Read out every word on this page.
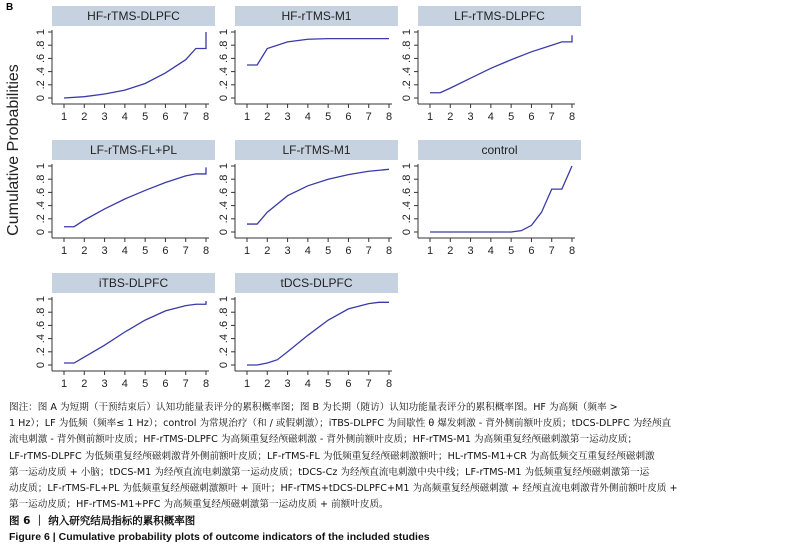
B
Cumulative Probabilities
HF-rTMS-DLPFC
0
.2
.4
.6
.8
1
1 2 3 4 5 6 7 8
HF-rTMS-M1
0
.2
.4
.6
.8
1
1 2 3 4 5 6 7 8
LF-rTMS-DLPFC
0
.2
.4
.6
.8
1
1 2 3 4 5 6 7 8
LF-rTMS-FL+PL
0
.2
.4
.6
.8
1
1 2 3 4 5 6 7 8
LF-rTMS-M1
0
.2
.4
.6
.8
1
1 2 3 4 5 6 7 8
control
0
.2
.4
.6
.8
1
1 2 3 4 5 6 7 8
iTBS-DLPFC
0
.2
.4
.6
.8
1
1 2 3 4 5 6 7 8
tDCS-DLPFC
0
.2
.4
.6
.8
1
1 2 3 4 5 6 7 8
图注：图 A 为短期（干预结束后）认知功能量表评分的累积概率图；图 B 为长期（随访）认知功能量表评分的累积概率图。HF 为高频（频率 >
1 Hz）；LF 为低频（频率≤ 1 Hz）；control 为常规治疗（和 / 或假刺激）；iTBS-DLPFC 为间歇性 θ 爆发刺激 - 背外侧前额叶皮质；tDCS-DLPFC 为经颅直
流电刺激 - 背外侧前额叶皮质；HF-rTMS-DLPFC 为高频重复经颅磁刺激 - 背外侧前额叶皮质；HF-rTMS-M1 为高频重复经颅磁刺激第一运动皮质；
LF-rTMS-DLPFC 为低频重复经颅磁刺激背外侧前额叶皮质；LF-rTMS-FL 为低频重复经颅磁刺激额叶；HL-rTMS-M1+CR 为高低频交互重复经颅磁刺激
第一运动皮质 + 小脑；tDCS-M1 为经颅直流电刺激第一运动皮质；tDCS-Cz 为经颅直流电刺激中央中线；LF-rTMS-M1 为低频重复经颅磁刺激第一运
动皮质；LF-rTMS-FL+PL 为低频重复经颅磁刺激额叶 + 顶叶；HF-rTMS+tDCS-DLPFC+M1 为高频重复经颅磁刺激 + 经颅直流电刺激背外侧前额叶皮质 +
第一运动皮质；HF-rTMS-M1+PFC 为高频重复经颅磁刺激第一运动皮质 + 前额叶皮质。
图 6 ｜ 纳入研究结局指标的累积概率图
Figure 6 | Cumulative probability plots of outcome indicators of the included studies
